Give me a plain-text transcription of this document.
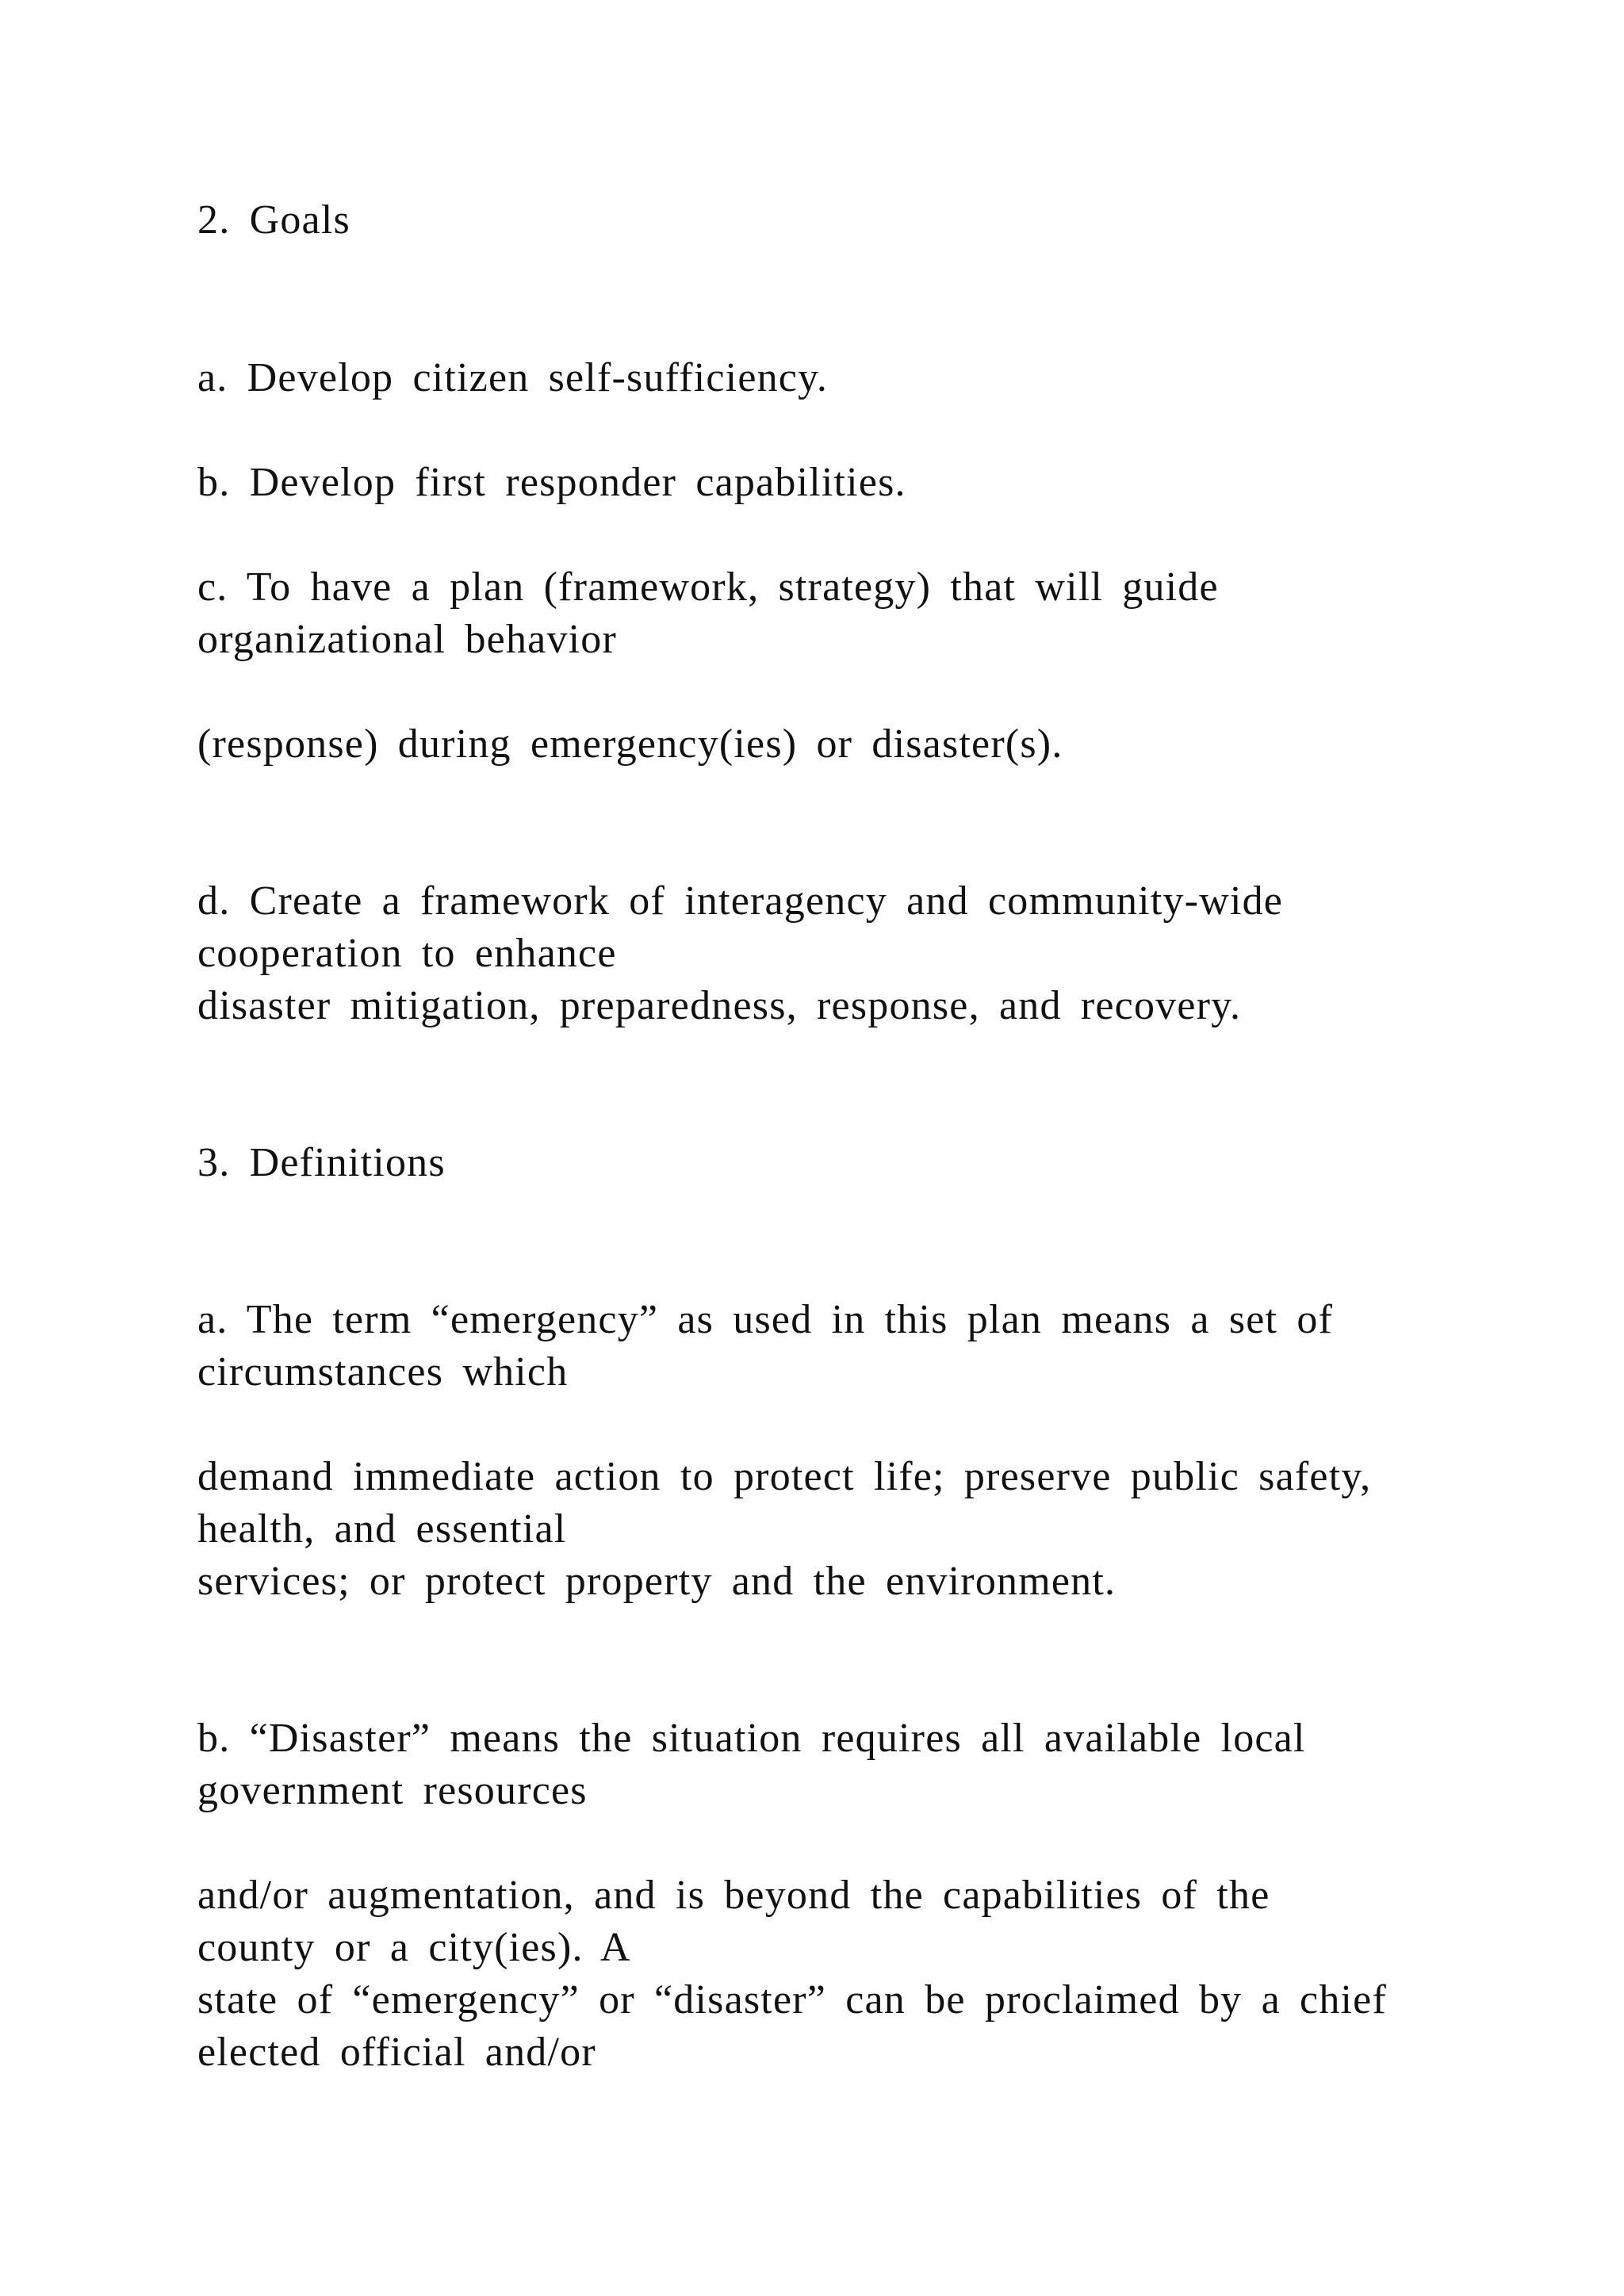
2. Goals
a. Develop citizen self-sufficiency.
b. Develop first responder capabilities.
c. To have a plan (framework, strategy) that will guide
organizational behavior
(response) during emergency(ies) or disaster(s).
d. Create a framework of interagency and community-wide
cooperation to enhance
disaster mitigation, preparedness, response, and recovery.
3. Definitions
a. The term “emergency” as used in this plan means a set of
circumstances which
demand immediate action to protect life; preserve public safety,
health, and essential
services; or protect property and the environment.
b. “Disaster” means the situation requires all available local
government resources
and/or augmentation, and is beyond the capabilities of the
county or a city(ies). A
state of “emergency” or “disaster” can be proclaimed by a chief
elected official and/or
